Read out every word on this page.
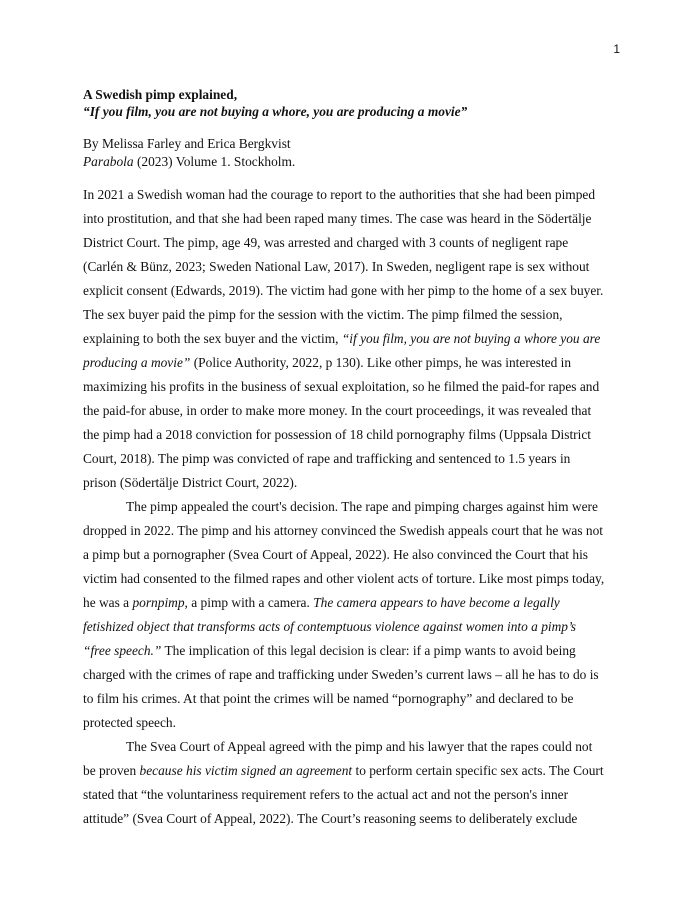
1
A Swedish pimp explained,
“If you film, you are not buying a whore, you are producing a movie”
By Melissa Farley and Erica Bergkvist
Parabola (2023) Volume 1. Stockholm.
In 2021 a Swedish woman had the courage to report to the authorities that she had been pimped
into prostitution, and that she had been raped many times. The case was heard in the Södertälje
District Court. The pimp, age 49, was arrested and charged with 3 counts of negligent rape
(Carlén & Bünz, 2023; Sweden National Law, 2017). In Sweden, negligent rape is sex without
explicit consent (Edwards, 2019). The victim had gone with her pimp to the home of a sex buyer.
The sex buyer paid the pimp for the session with the victim. The pimp filmed the session,
explaining to both the sex buyer and the victim, “if you film, you are not buying a whore you are
producing a movie” (Police Authority, 2022, p 130). Like other pimps, he was interested in
maximizing his profits in the business of sexual exploitation, so he filmed the paid-for rapes and
the paid-for abuse, in order to make more money. In the court proceedings, it was revealed that
the pimp had a 2018 conviction for possession of 18 child pornography films (Uppsala District
Court, 2018). The pimp was convicted of rape and trafficking and sentenced to 1.5 years in
prison (Södertälje District Court, 2022).
The pimp appealed the court's decision. The rape and pimping charges against him were
dropped in 2022. The pimp and his attorney convinced the Swedish appeals court that he was not
a pimp but a pornographer (Svea Court of Appeal, 2022). He also convinced the Court that his
victim had consented to the filmed rapes and other violent acts of torture. Like most pimps today,
he was a pornpimp, a pimp with a camera. The camera appears to have become a legally
fetishized object that transforms acts of contemptuous violence against women into a pimp’s
“free speech.” The implication of this legal decision is clear: if a pimp wants to avoid being
charged with the crimes of rape and trafficking under Sweden’s current laws – all he has to do is
to film his crimes. At that point the crimes will be named “pornography” and declared to be
protected speech.
The Svea Court of Appeal agreed with the pimp and his lawyer that the rapes could not
be proven because his victim signed an agreement to perform certain specific sex acts. The Court
stated that “the voluntariness requirement refers to the actual act and not the person's inner
attitude” (Svea Court of Appeal, 2022). The Court’s reasoning seems to deliberately exclude
